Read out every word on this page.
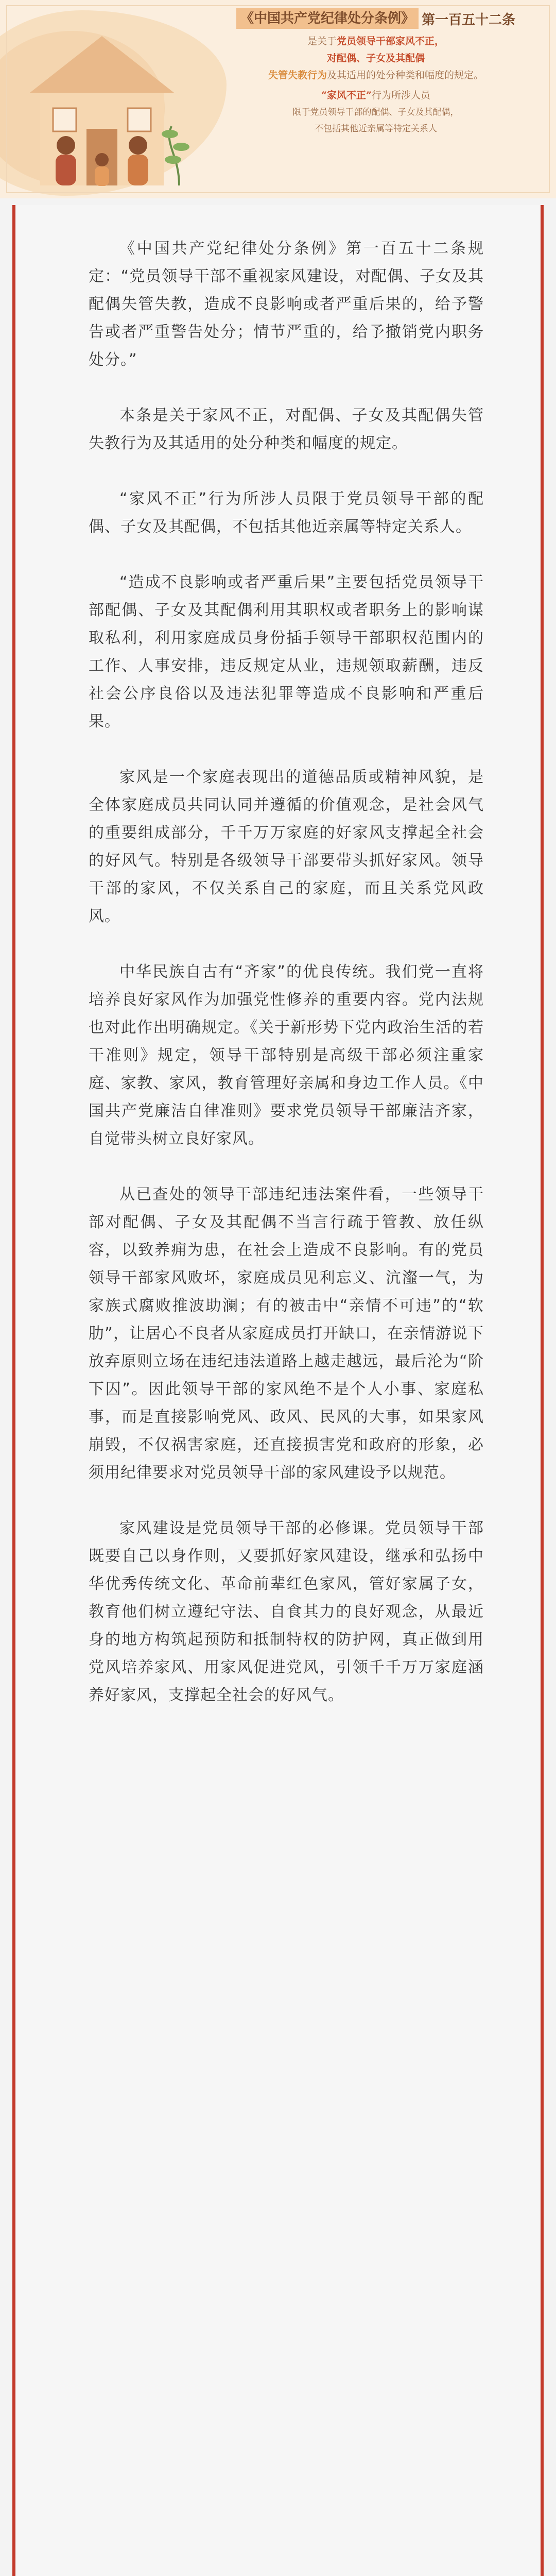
《中国共产党纪律处分条例》 第一百五十二条
是关于党员领导干部家风不正，
对配偶、子女及其配偶
失管失教行为及其适用的处分种类和幅度的规定。
“家风不正”行为所涉人员
限于党员领导干部的配偶、子女及其配偶，
不包括其他近亲属等特定关系人

《中国共产党纪律处分条例》第一百五十二条规定：“党员领导干部不重视家风建设，对配偶、子女及其配偶失管失教，造成不良影响或者严重后果的，给予警告或者严重警告处分；情节严重的，给予撤销党内职务处分。”

本条是关于家风不正，对配偶、子女及其配偶失管失教行为及其适用的处分种类和幅度的规定。

“家风不正”行为所涉人员限于党员领导干部的配偶、子女及其配偶，不包括其他近亲属等特定关系人。

“造成不良影响或者严重后果”主要包括党员领导干部配偶、子女及其配偶利用其职权或者职务上的影响谋取私利，利用家庭成员身份插手领导干部职权范围内的工作、人事安排，违反规定从业，违规领取薪酬，违反社会公序良俗以及违法犯罪等造成不良影响和严重后果。

家风是一个家庭表现出的道德品质或精神风貌，是全体家庭成员共同认同并遵循的价值观念，是社会风气的重要组成部分，千千万万家庭的好家风支撑起全社会的好风气。特别是各级领导干部要带头抓好家风。领导干部的家风，不仅关系自己的家庭，而且关系党风政风。

中华民族自古有“齐家”的优良传统。我们党一直将培养良好家风作为加强党性修养的重要内容。党内法规也对此作出明确规定。《关于新形势下党内政治生活的若干准则》规定，领导干部特别是高级干部必须注重家庭、家教、家风，教育管理好亲属和身边工作人员。《中国共产党廉洁自律准则》要求党员领导干部廉洁齐家，自觉带头树立良好家风。

从已查处的领导干部违纪违法案件看，一些领导干部对配偶、子女及其配偶不当言行疏于管教、放任纵容，以致养痈为患，在社会上造成不良影响。有的党员领导干部家风败坏，家庭成员见利忘义、沆瀣一气，为家族式腐败推波助澜；有的被击中“亲情不可违”的“软肋”，让居心不良者从家庭成员打开缺口，在亲情游说下放弃原则立场在违纪违法道路上越走越远，最后沦为“阶下囚”。因此领导干部的家风绝不是个人小事、家庭私事，而是直接影响党风、政风、民风的大事，如果家风崩毁，不仅祸害家庭，还直接损害党和政府的形象，必须用纪律要求对党员领导干部的家风建设予以规范。

家风建设是党员领导干部的必修课。党员领导干部既要自己以身作则，又要抓好家风建设，继承和弘扬中华优秀传统文化、革命前辈红色家风，管好家属子女，教育他们树立遵纪守法、自食其力的良好观念，从最近身的地方构筑起预防和抵制特权的防护网，真正做到用党风培养家风、用家风促进党风，引领千千万万家庭涵养好家风，支撑起全社会的好风气。
